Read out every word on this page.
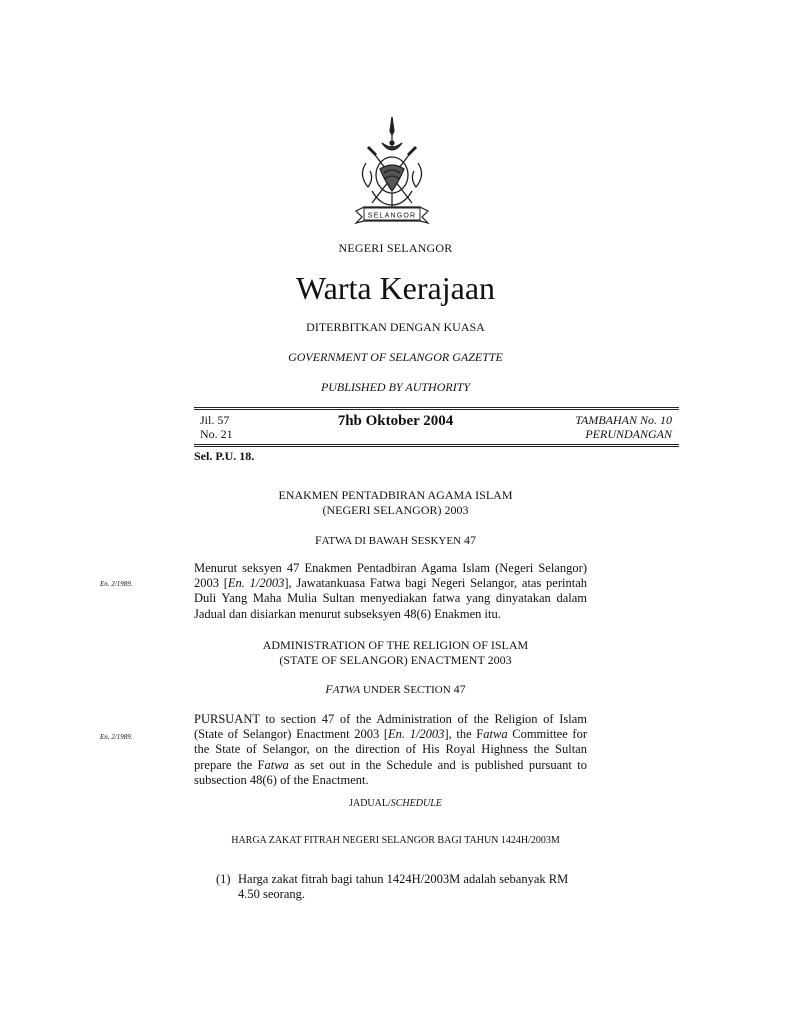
SELANGOR
NEGERI SELANGOR
Warta Kerajaan
DITERBITKAN DENGAN KUASA
GOVERNMENT OF SELANGOR GAZETTE
PUBLISHED BY AUTHORITY
Jil. 57
No. 21
7hb Oktober 2004	TAMBAHAN No. 10
PERUNDANGAN
Sel. P.U. 18.
ENAKMEN PENTADBIRAN AGAMA ISLAM
(NEGERI SELANGOR) 2003
FATWA DI BAWAH SESKYEN 47
En. 2/1989.
Menurut seksyen 47 Enakmen Pentadbiran Agama Islam (Negeri Selangor) 2003 [En. 1/2003], Jawatankuasa Fatwa bagi Negeri Selangor, atas perintah Duli Yang Maha Mulia Sultan menyediakan fatwa yang dinyatakan dalam Jadual dan disiarkan menurut subseksyen 48(6) Enakmen itu.
ADMINISTRATION OF THE RELIGION OF ISLAM
(STATE OF SELANGOR) ENACTMENT 2003
FATWA UNDER SECTION 47
En. 2/1989.
PURSUANT to section 47 of the Administration of the Religion of Islam (State of Selangor) Enactment 2003 [En. 1/2003], the Fatwa Committee for the State of Selangor, on the direction of His Royal Highness the Sultan prepare the Fatwa as set out in the Schedule and is published pursuant to subsection 48(6) of the Enactment.
JADUAL/SCHEDULE
HARGA ZAKAT FITRAH NEGERI SELANGOR BAGI TAHUN 1424H/2003M
(1) Harga zakat fitrah bagi tahun 1424H/2003M adalah sebanyak RM 4.50 seorang.
